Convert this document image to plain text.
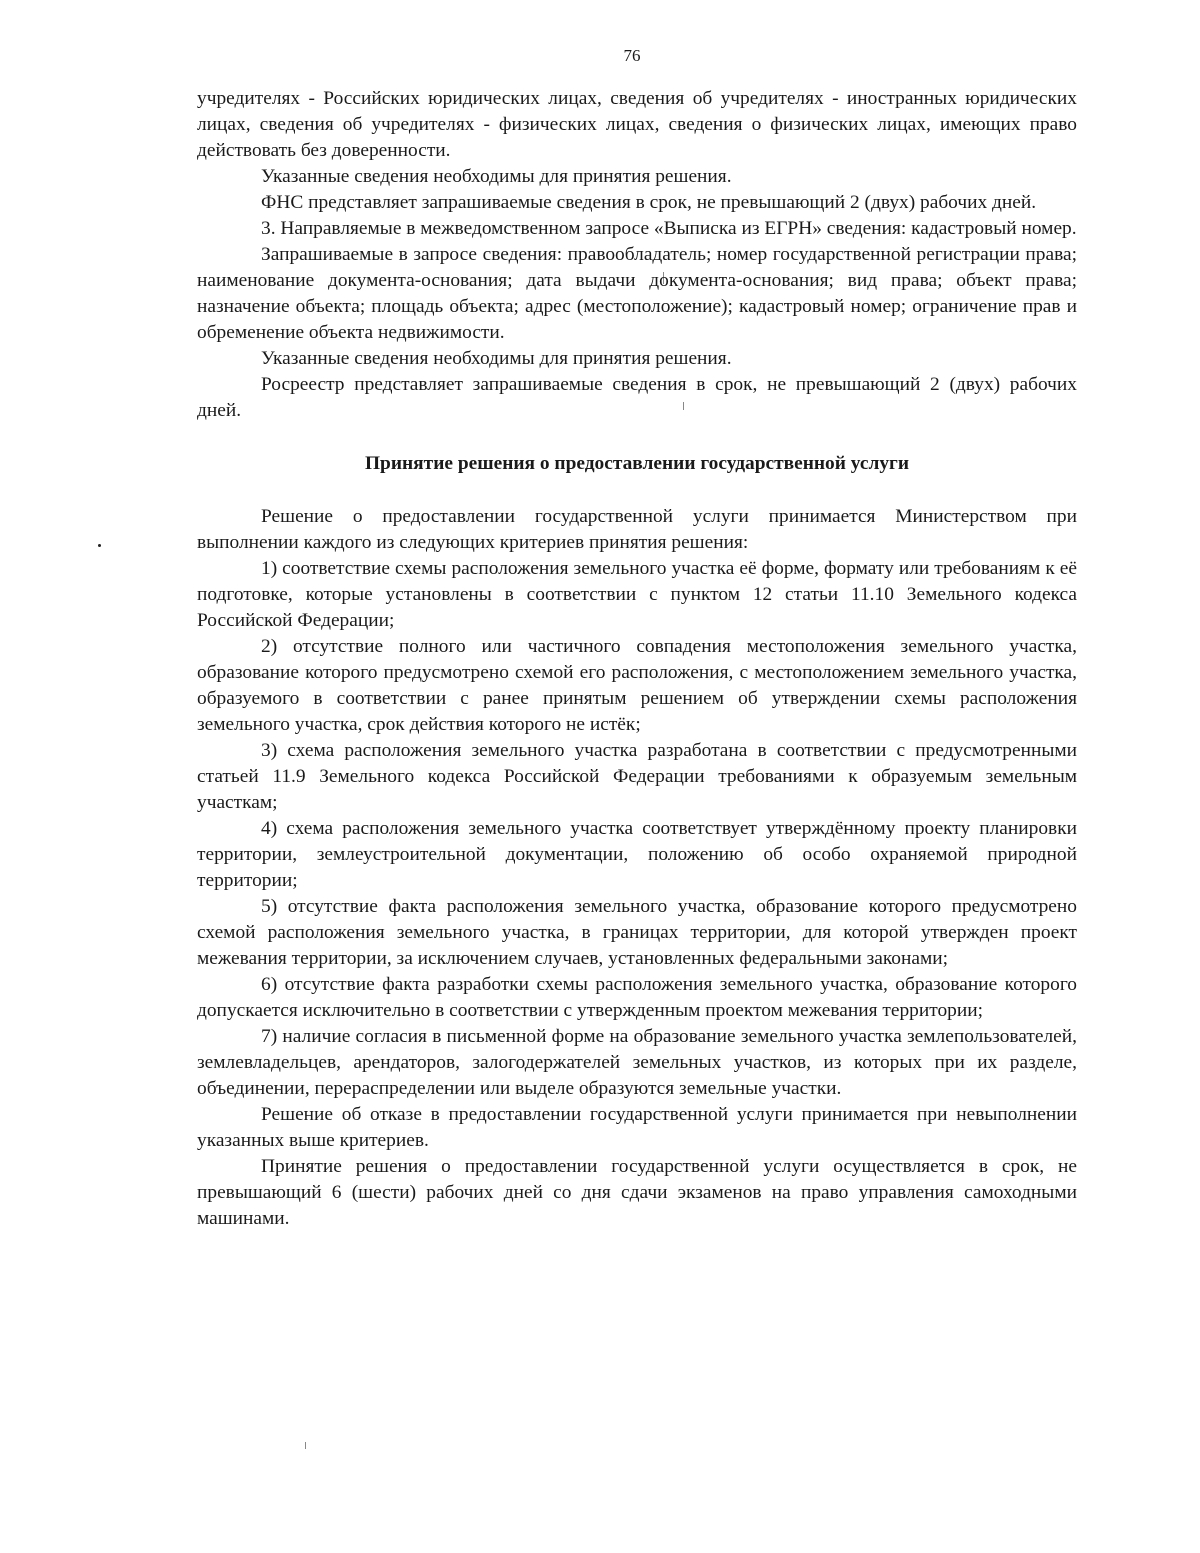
76

учредителях - Российских юридических лицах, сведения об учредителях - иностранных юридических лицах, сведения об учредителях - физических лицах, сведения о физических лицах, имеющих право действовать без доверенности.

Указанные сведения необходимы для принятия решения.

ФНС представляет запрашиваемые сведения в срок, не превышающий 2 (двух) рабочих дней.

3. Направляемые в межведомственном запросе «Выписка из ЕГРН» сведения: кадастровый номер.

Запрашиваемые в запросе сведения: правообладатель; номер государственной регистрации права; наименование документа-основания; дата выдачи документа-основания; вид права; объект права; назначение объекта; площадь объекта; адрес (местоположение); кадастровый номер; ограничение прав и обременение объекта недвижимости.

Указанные сведения необходимы для принятия решения.

Росреестр представляет запрашиваемые сведения в срок, не превышающий 2 (двух) рабочих дней.

Принятие решения о предоставлении государственной услуги

Решение о предоставлении государственной услуги принимается Министерством при выполнении каждого из следующих критериев принятия решения:

1) соответствие схемы расположения земельного участка её форме, формату или требованиям к её подготовке, которые установлены в соответствии с пунктом 12 статьи 11.10 Земельного кодекса Российской Федерации;

2) отсутствие полного или частичного совпадения местоположения земельного участка, образование которого предусмотрено схемой его расположения, с местоположением земельного участка, образуемого в соответствии с ранее принятым решением об утверждении схемы расположения земельного участка, срок действия которого не истёк;

3) схема расположения земельного участка разработана в соответствии с предусмотренными статьей 11.9 Земельного кодекса Российской Федерации требованиями к образуемым земельным участкам;

4) схема расположения земельного участка соответствует утверждённому проекту планировки территории, землеустроительной документации, положению об особо охраняемой природной территории;

5) отсутствие факта расположения земельного участка, образование которого предусмотрено схемой расположения земельного участка, в границах территории, для которой утвержден проект межевания территории, за исключением случаев, установленных федеральными законами;

6) отсутствие факта разработки схемы расположения земельного участка, образование которого допускается исключительно в соответствии с утвержденным проектом межевания территории;

7) наличие согласия в письменной форме на образование земельного участка землепользователей, землевладельцев, арендаторов, залогодержателей земельных участков, из которых при их разделе, объединении, перераспределении или выделе образуются земельные участки.

Решение об отказе в предоставлении государственной услуги принимается при невыполнении указанных выше критериев.

Принятие решения о предоставлении государственной услуги осуществляется в срок, не превышающий 6 (шести) рабочих дней со дня сдачи экзаменов на право управления самоходными машинами.
